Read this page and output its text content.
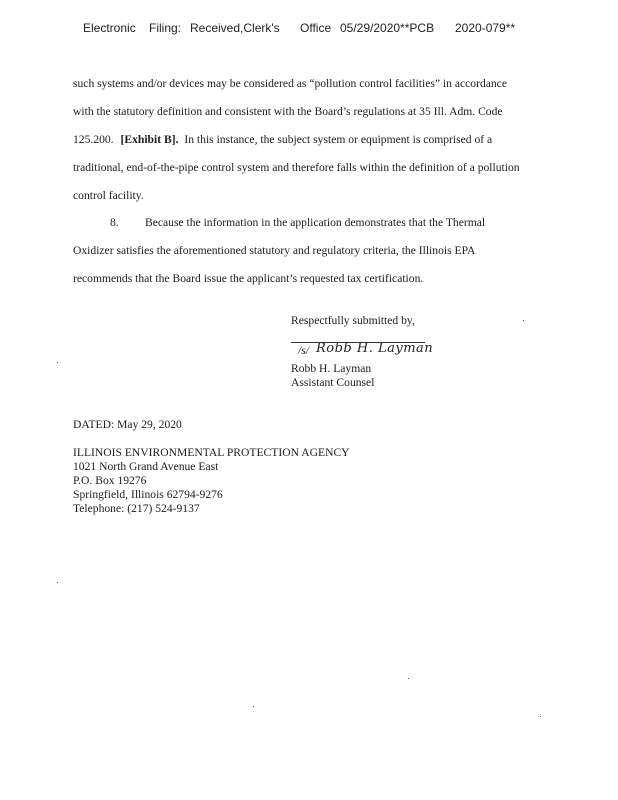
Electronic Filing: Received,Clerk's Office 05/29/2020**PCB 2020-079**
such systems and/or devices may be considered as “pollution control facilities” in accordance
with the statutory definition and consistent with the Board’s regulations at 35 Ill. Adm. Code
125.200. [Exhibit B]. In this instance, the subject system or equipment is comprised of a
traditional, end-of-the-pipe control system and therefore falls within the definition of a pollution
control facility.
8. Because the information in the application demonstrates that the Thermal
Oxidizer satisfies the aforementioned statutory and regulatory criteria, the Illinois EPA
recommends that the Board issue the applicant’s requested tax certification.
Respectfully submitted by,
/s/ Robb H. Layman
Robb H. Layman
Assistant Counsel
DATED: May 29, 2020
ILLINOIS ENVIRONMENTAL PROTECTION AGENCY
1021 North Grand Avenue East
P.O. Box 19276
Springfield, Illinois 62794-9276
Telephone: (217) 524-9137
